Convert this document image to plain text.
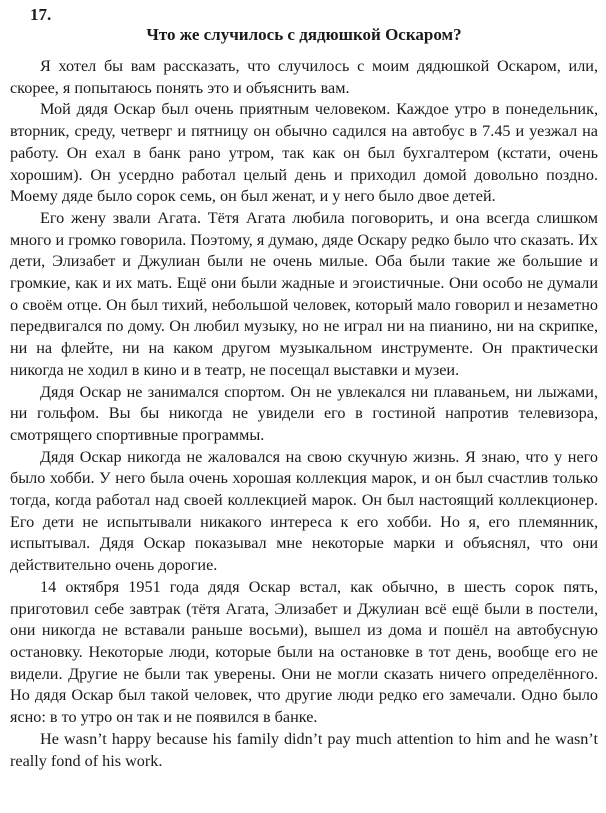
17.
Что же случилось с дядюшкой Оскаром?

Я хотел бы вам рассказать, что случилось с моим дядюшкой Оскаром, или, скорее, я попытаюсь понять это и объяснить вам.

Мой дядя Оскар был очень приятным человеком. Каждое утро в понедельник, вторник, среду, четверг и пятницу он обычно садился на автобус в 7.45 и уезжал на работу. Он ехал в банк рано утром, так как он был бухгалтером (кстати, очень хорошим). Он усердно работал целый день и приходил домой довольно поздно. Моему дяде было сорок семь, он был женат, и у него было двое детей.

Его жену звали Агата. Тётя Агата любила поговорить, и она всегда слишком много и громко говорила. Поэтому, я думаю, дяде Оскару редко было что сказать. Их дети, Элизабет и Джулиан были не очень милые. Оба были такие же большие и громкие, как и их мать. Ещё они были жадные и эгоистичные. Они особо не думали о своём отце. Он был тихий, небольшой человек, который мало говорил и незаметно передвигался по дому. Он любил музыку, но не играл ни на пианино, ни на скрипке, ни на флейте, ни на каком другом музыкальном инструменте. Он практически никогда не ходил в кино и в театр, не посещал выставки и музеи.

Дядя Оскар не занимался спортом. Он не увлекался ни плаваньем, ни лыжами, ни гольфом. Вы бы никогда не увидели его в гостиной напротив телевизора, смотрящего спортивные программы.

Дядя Оскар никогда не жаловался на свою скучную жизнь. Я знаю, что у него было хобби. У него была очень хорошая коллекция марок, и он был счастлив только тогда, когда работал над своей коллекцией марок. Он был настоящий коллекционер. Его дети не испытывали никакого интереса к его хобби. Но я, его племянник, испытывал. Дядя Оскар показывал мне некоторые марки и объяснял, что они действительно очень дорогие.

14 октября 1951 года дядя Оскар встал, как обычно, в шесть сорок пять, приготовил себе завтрак (тётя Агата, Элизабет и Джулиан всё ещё были в постели, они никогда не вставали раньше восьми), вышел из дома и пошёл на автобусную остановку. Некоторые люди, которые были на остановке в тот день, вообще его не видели. Другие не были так уверены. Они не могли сказать ничего определённого. Но дядя Оскар был такой человек, что другие люди редко его замечали. Одно было ясно: в то утро он так и не появился в банке.

He wasn’t happy because his family didn’t pay much attention to him and he wasn’t really fond of his work.
